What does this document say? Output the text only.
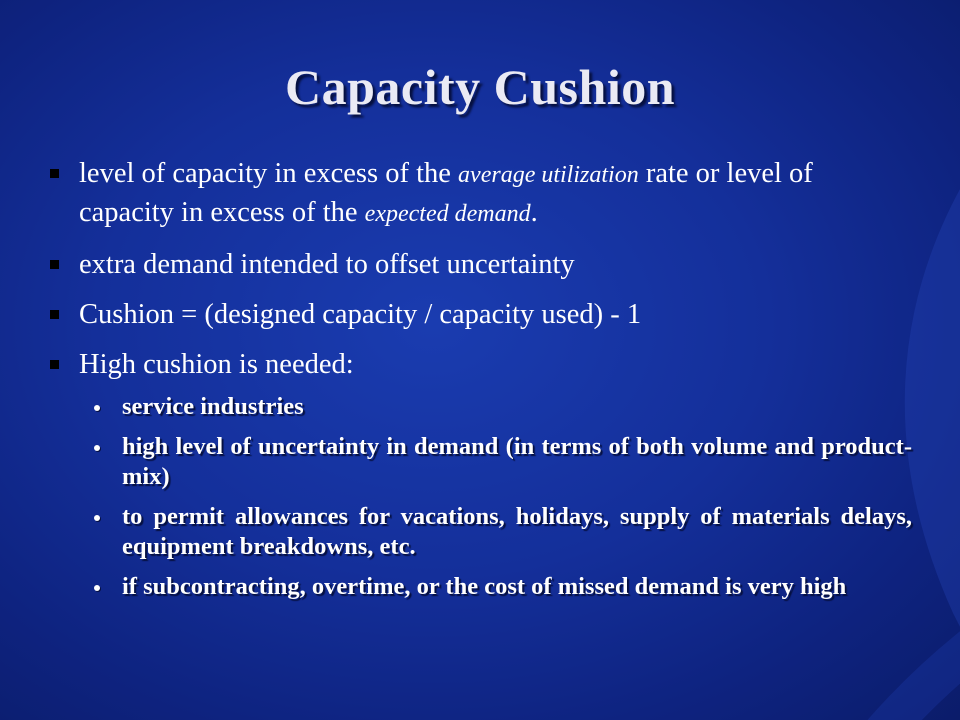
Capacity Cushion
level of capacity in excess of the average utilization rate or level of capacity in excess of the expected demand.
extra demand intended to offset uncertainty
Cushion = (designed capacity / capacity used) - 1
High cushion is needed:
service industries
high level of uncertainty in demand (in terms of both volume and product-mix)
to permit allowances for vacations, holidays, supply of materials delays, equipment breakdowns, etc.
if subcontracting, overtime, or the cost of missed demand is very high
